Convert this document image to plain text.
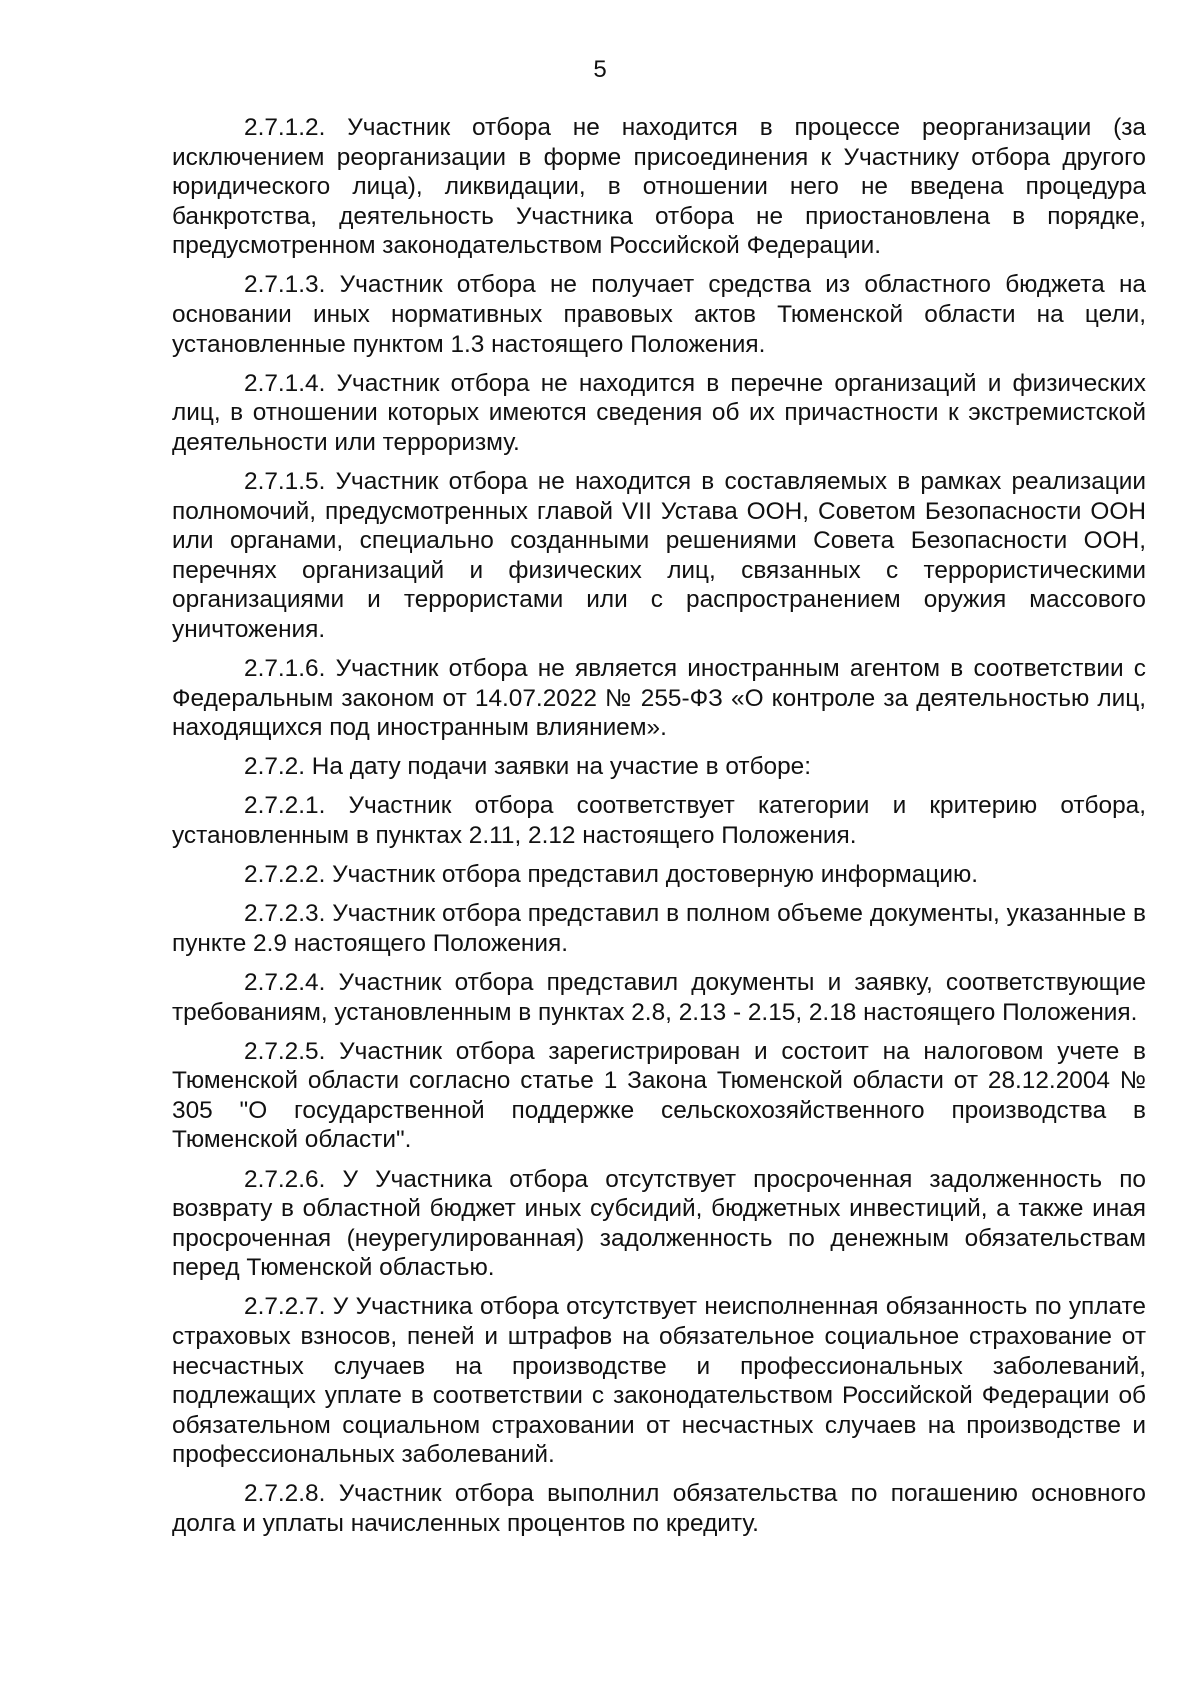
5

2.7.1.2. Участник отбора не находится в процессе реорганизации (за исключением реорганизации в форме присоединения к Участнику отбора другого юридического лица), ликвидации, в отношении него не введена процедура банкротства, деятельность Участника отбора не приостановлена в порядке, предусмотренном законодательством Российской Федерации.

2.7.1.3. Участник отбора не получает средства из областного бюджета на основании иных нормативных правовых актов Тюменской области на цели, установленные пунктом 1.3 настоящего Положения.

2.7.1.4. Участник отбора не находится в перечне организаций и физических лиц, в отношении которых имеются сведения об их причастности к экстремистской деятельности или терроризму.

2.7.1.5. Участник отбора не находится в составляемых в рамках реализации полномочий, предусмотренных главой VII Устава ООН, Советом Безопасности ООН или органами, специально созданными решениями Совета Безопасности ООН, перечнях организаций и физических лиц, связанных с террористическими организациями и террористами или с распространением оружия массового уничтожения.

2.7.1.6. Участник отбора не является иностранным агентом в соответствии с Федеральным законом от 14.07.2022 № 255-ФЗ «О контроле за деятельностью лиц, находящихся под иностранным влиянием».

2.7.2. На дату подачи заявки на участие в отборе:

2.7.2.1. Участник отбора соответствует категории и критерию отбора, установленным в пунктах 2.11, 2.12 настоящего Положения.

2.7.2.2. Участник отбора представил достоверную информацию.

2.7.2.3. Участник отбора представил в полном объеме документы, указанные в пункте 2.9 настоящего Положения.

2.7.2.4. Участник отбора представил документы и заявку, соответствующие требованиям, установленным в пунктах 2.8, 2.13 - 2.15, 2.18 настоящего Положения.

2.7.2.5. Участник отбора зарегистрирован и состоит на налоговом учете в Тюменской области согласно статье 1 Закона Тюменской области от 28.12.2004 № 305 "О государственной поддержке сельскохозяйственного производства в Тюменской области".

2.7.2.6. У Участника отбора отсутствует просроченная задолженность по возврату в областной бюджет иных субсидий, бюджетных инвестиций, а также иная просроченная (неурегулированная) задолженность по денежным обязательствам перед Тюменской областью.

2.7.2.7. У Участника отбора отсутствует неисполненная обязанность по уплате страховых взносов, пеней и штрафов на обязательное социальное страхование от несчастных случаев на производстве и профессиональных заболеваний, подлежащих уплате в соответствии с законодательством Российской Федерации об обязательном социальном страховании от несчастных случаев на производстве и профессиональных заболеваний.

2.7.2.8. Участник отбора выполнил обязательства по погашению основного долга и уплаты начисленных процентов по кредиту.
